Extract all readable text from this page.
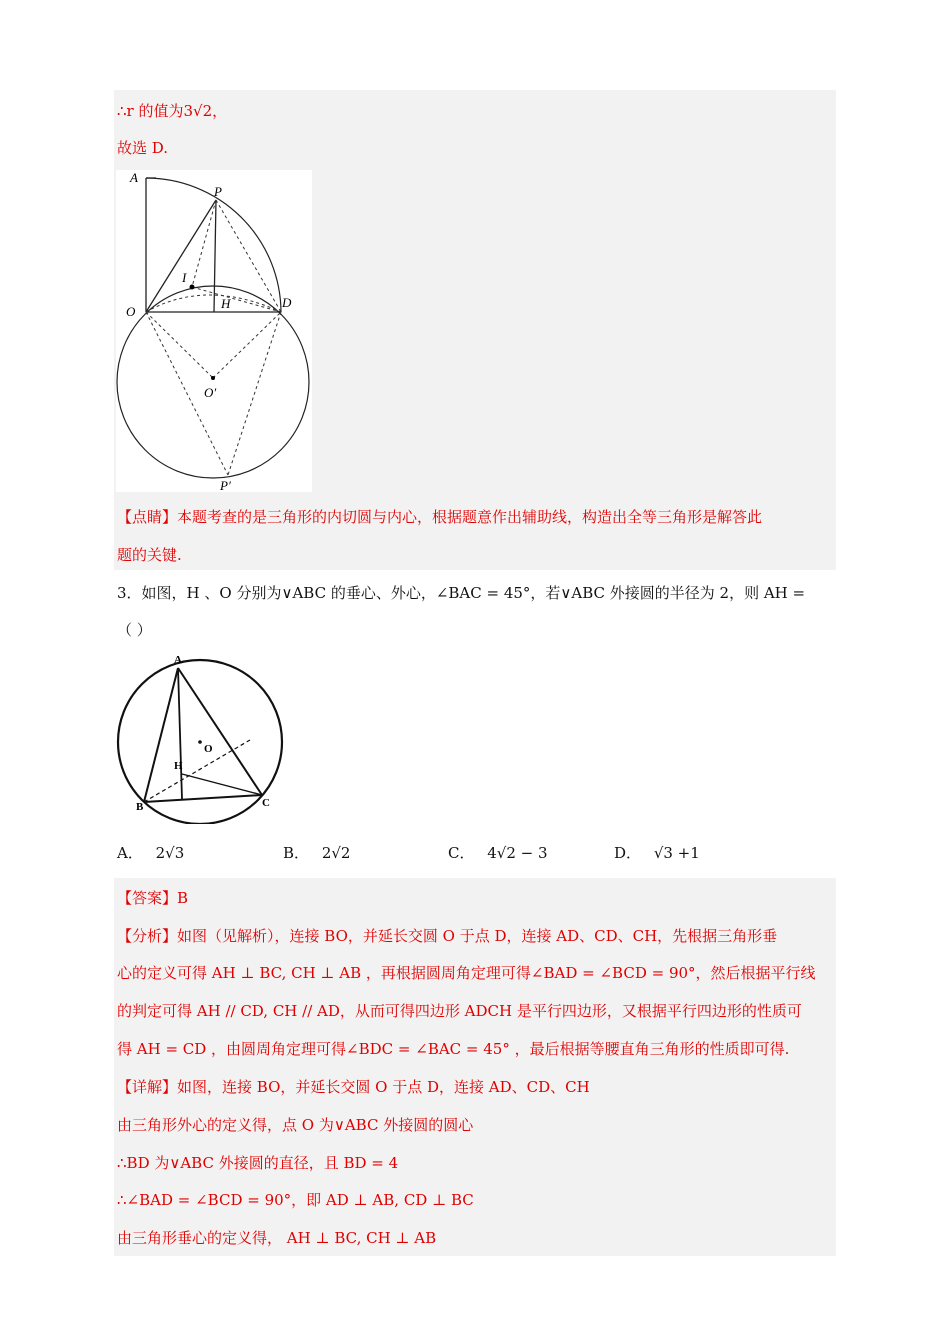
∴r 的值为3√2，
故选 D.
A
P
I
H
O
D
O′
P′
【点睛】本题考查的是三角形的内切圆与内心，根据题意作出辅助线，构造出全等三角形是解答此
题的关键.
3．如图，H 、O 分别为∨ABC 的垂心、外心，∠BAC = 45°，若∨ABC 外接圆的半径为 2，则 AH =
（ ）
A
O
H
B	C
A． 2√3	B． 2√2	C． 4√2 − 3	D． √3 +1
【答案】B
【分析】如图（见解析），连接 BO，并延长交圆 O 于点 D，连接 AD、CD、CH，先根据三角形垂
心的定义可得 AH ⊥ BC, CH ⊥ AB ，再根据圆周角定理可得∠BAD = ∠BCD = 90°，然后根据平行线
的判定可得 AH // CD, CH // AD，从而可得四边形 ADCH 是平行四边形，又根据平行四边形的性质可
得 AH = CD ，由圆周角定理可得∠BDC = ∠BAC = 45° ，最后根据等腰直角三角形的性质即可得.
【详解】如图，连接 BO，并延长交圆 O 于点 D，连接 AD、CD、CH
由三角形外心的定义得，点 O 为∨ABC 外接圆的圆心
∴BD 为∨ABC 外接圆的直径，且 BD = 4
∴∠BAD = ∠BCD = 90°，即 AD ⊥ AB, CD ⊥ BC
由三角形垂心的定义得， AH ⊥ BC, CH ⊥ AB
